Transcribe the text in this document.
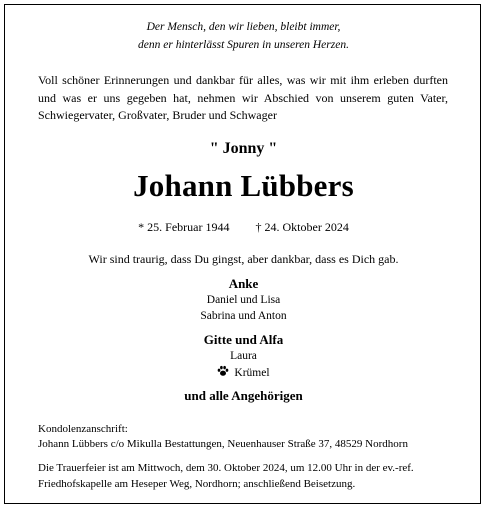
Der Mensch, den wir lieben, bleibt immer,
denn er hinterlässt Spuren in unseren Herzen.
Voll schöner Erinnerungen und dankbar für alles, was wir mit ihm erleben durften und was er uns gegeben hat, nehmen wir Abschied von unserem guten Vater, Schwiegervater, Großvater, Bruder und Schwager
" Jonny "
Johann Lübbers
* 25. Februar 1944 † 24. Oktober 2024
Wir sind traurig, dass Du gingst, aber dankbar, dass es Dich gab.
Anke
Daniel und Lisa
Sabrina und Anton
Gitte und Alfa
Laura
Krümel
und alle Angehörigen
Kondolenzanschrift:
Johann Lübbers c/o Mikulla Bestattungen, Neuenhauser Straße 37, 48529 Nordhorn
Die Trauerfeier ist am Mittwoch, dem 30. Oktober 2024, um 12.00 Uhr in der ev.-ref.
Friedhofskapelle am Heseper Weg, Nordhorn; anschließend Beisetzung.
